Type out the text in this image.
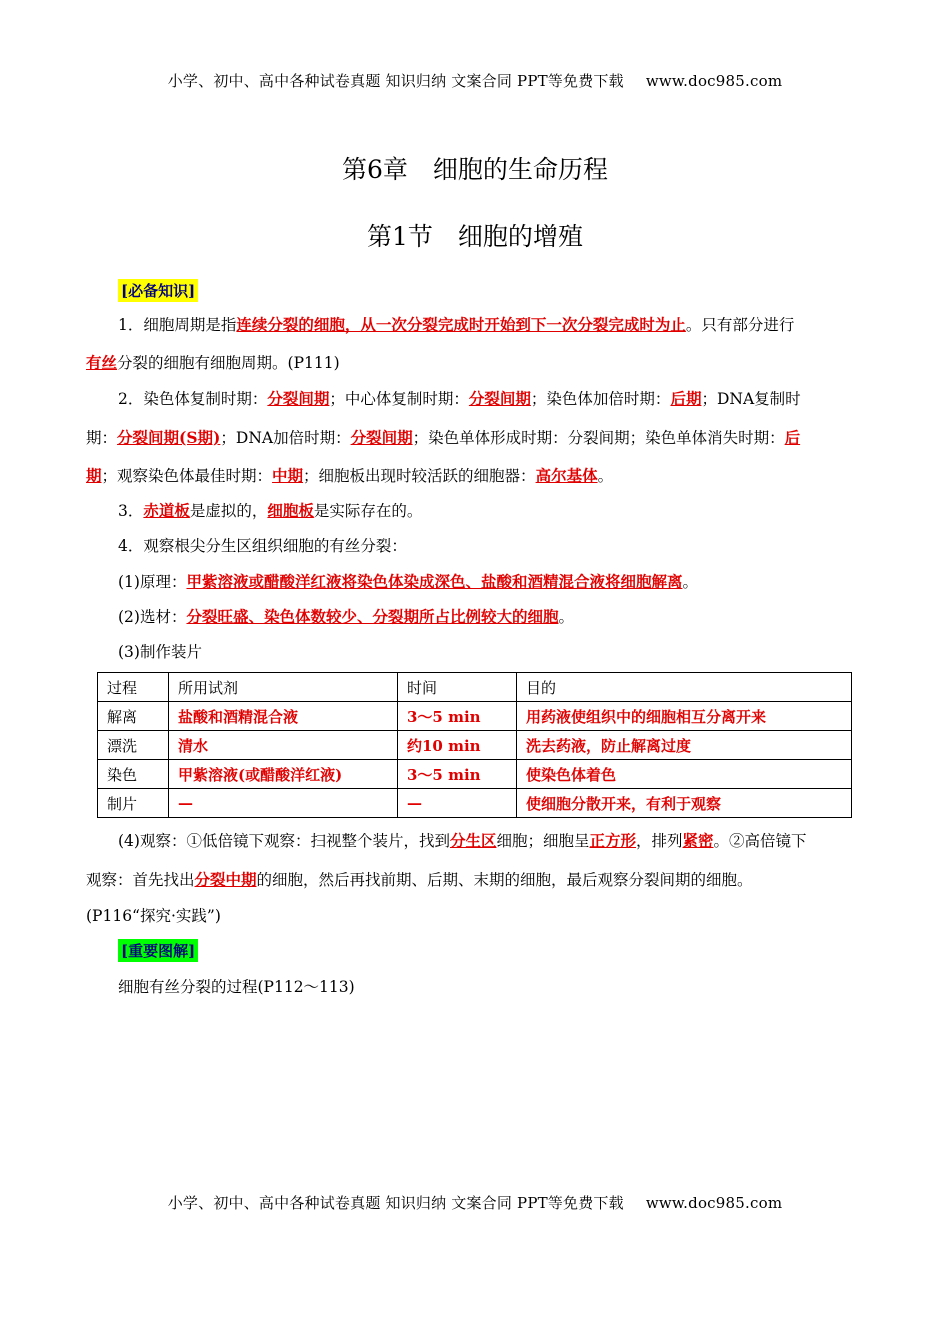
小学、初中、高中各种试卷真题 知识归纳 文案合同 PPT等免费下载 www.doc985.com
第6章　细胞的生命历程
第1节　细胞的增殖
[必备知识]
1．细胞周期是指连续分裂的细胞，从一次分裂完成时开始到下一次分裂完成时为止。只有部分进行
有丝分裂的细胞有细胞周期。(P111)
2．染色体复制时期：分裂间期；中心体复制时期：分裂间期；染色体加倍时期：后期；DNA复制时
期：分裂间期(S期)；DNA加倍时期：分裂间期；染色单体形成时期：分裂间期；染色单体消失时期：后
期；观察染色体最佳时期：中期；细胞板出现时较活跃的细胞器：高尔基体。
3．赤道板是虚拟的，细胞板是实际存在的。
4．观察根尖分生区组织细胞的有丝分裂：
(1)原理：甲紫溶液或醋酸洋红液将染色体染成深色、盐酸和酒精混合液将细胞解离。
(2)选材：分裂旺盛、染色体数较少、分裂期所占比例较大的细胞。
(3)制作装片
过程	所用试剂	时间	目的
解离	盐酸和酒精混合液	3～5 min	用药液使组织中的细胞相互分离开来
漂洗	清水	约10 min	洗去药液，防止解离过度
染色	甲紫溶液(或醋酸洋红液)	3～5 min	使染色体着色
制片	—	—	使细胞分散开来，有利于观察
(4)观察：①低倍镜下观察：扫视整个装片，找到分生区细胞；细胞呈正方形，排列紧密。②高倍镜下
观察：首先找出分裂中期的细胞，然后再找前期、后期、末期的细胞，最后观察分裂间期的细胞。
(P116“探究·实践”)
[重要图解]
细胞有丝分裂的过程(P112～113)
小学、初中、高中各种试卷真题 知识归纳 文案合同 PPT等免费下载 www.doc985.com
